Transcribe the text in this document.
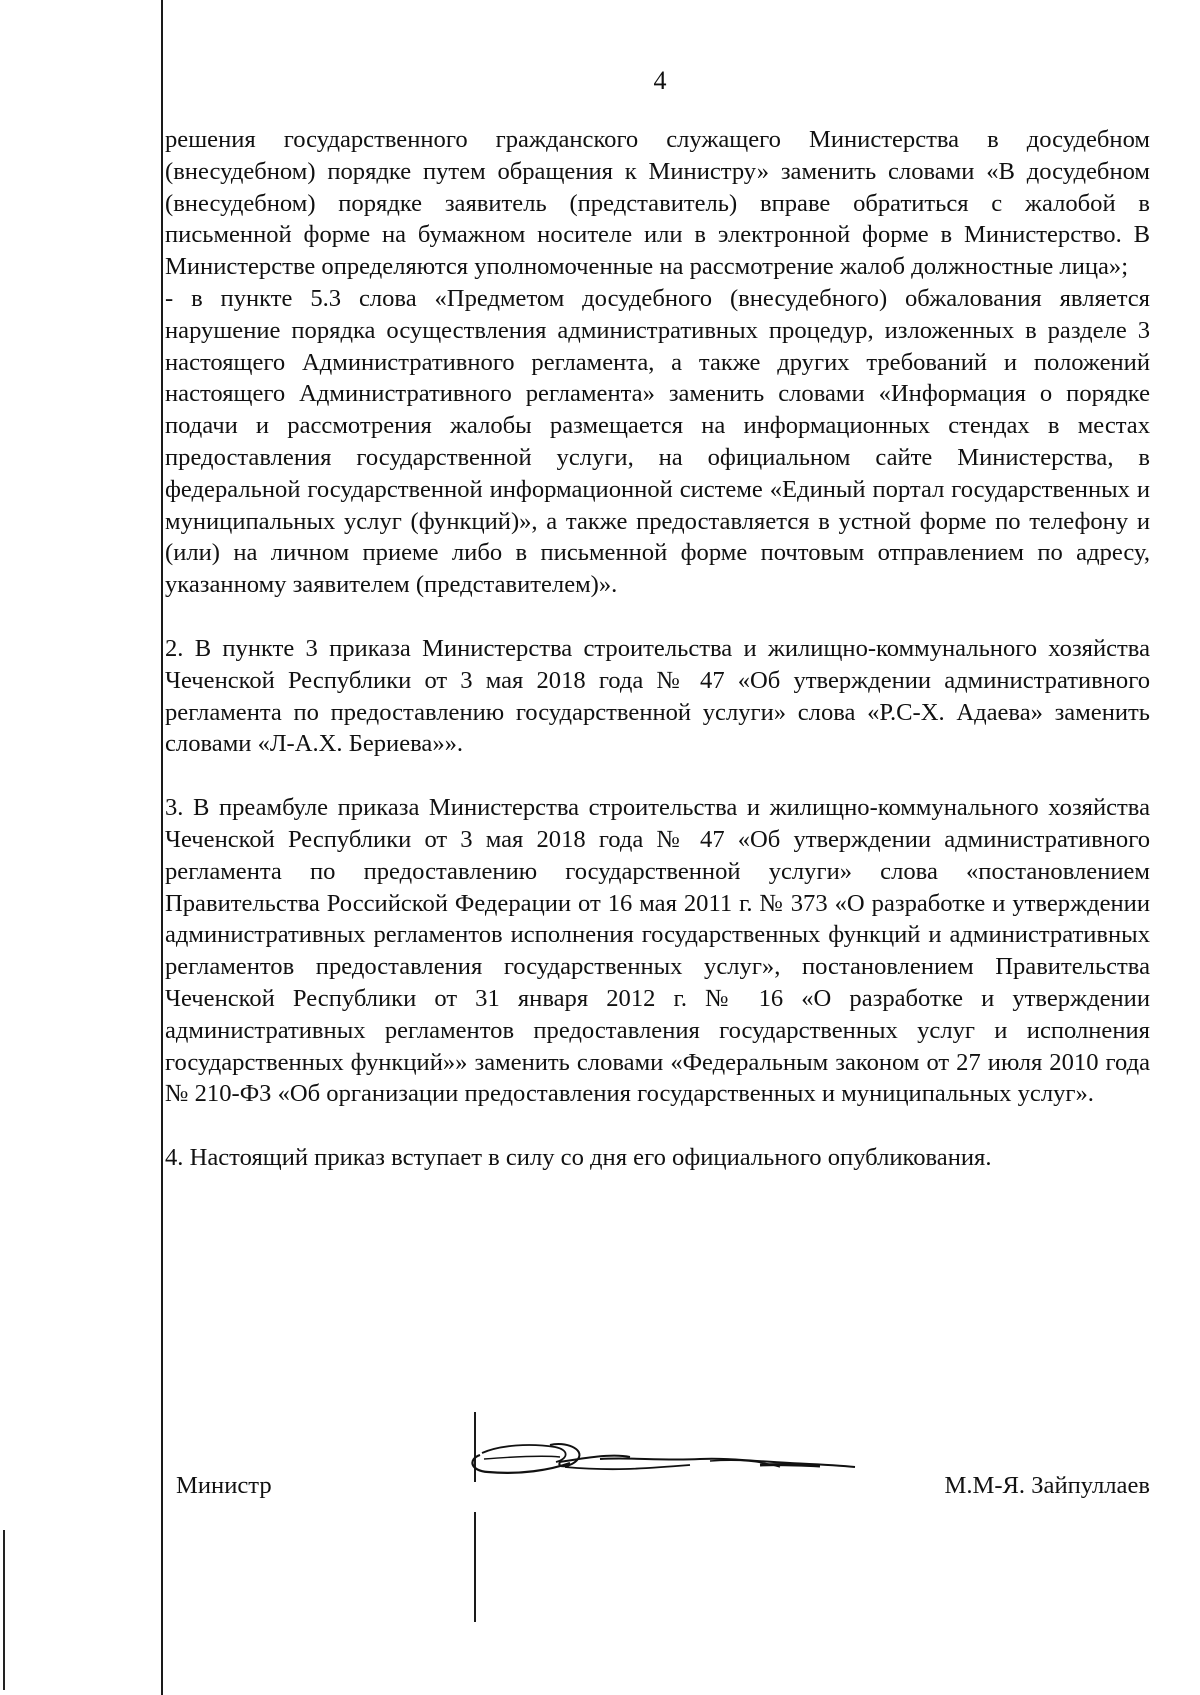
4

решения государственного гражданского служащего Министерства в досудебном (внесудебном) порядке путем обращения к Министру» заменить словами «В досудебном (внесудебном) порядке заявитель (представитель) вправе обратиться с жалобой в письменной форме на бумажном носителе или в электронной форме в Министерство. В Министерстве определяются уполномоченные на рассмотрение жалоб должностные лица»;

- в пункте 5.3 слова «Предметом досудебного (внесудебного) обжалования является нарушение порядка осуществления административных процедур, изложенных в разделе 3 настоящего Административного регламента, а также других требований и положений настоящего Административного регламента» заменить словами «Информация о порядке подачи и рассмотрения жалобы размещается на информационных стендах в местах предоставления государственной услуги, на официальном сайте Министерства, в федеральной государственной информационной системе «Единый портал государственных и муниципальных услуг (функций)», а также предоставляется в устной форме по телефону и (или) на личном приеме либо в письменной форме почтовым отправлением по адресу, указанному заявителем (представителем)».

2. В пункте 3 приказа Министерства строительства и жилищно-коммунального хозяйства Чеченской Республики от 3 мая 2018 года № 47 «Об утверждении административного регламента по предоставлению государственной услуги» слова «Р.С-Х. Адаева» заменить словами «Л-А.Х. Бериева»».

3. В преамбуле приказа Министерства строительства и жилищно-коммунального хозяйства Чеченской Республики от 3 мая 2018 года № 47 «Об утверждении административного регламента по предоставлению государственной услуги» слова «постановлением Правительства Российской Федерации от 16 мая 2011 г. № 373 «О разработке и утверждении административных регламентов исполнения государственных функций и административных регламентов предоставления государственных услуг», постановлением Правительства Чеченской Республики от 31 января 2012 г. № 16 «О разработке и утверждении административных регламентов предоставления государственных услуг и исполнения государственных функций»» заменить словами «Федеральным законом от 27 июля 2010 года № 210-ФЗ «Об организации предоставления государственных и муниципальных услуг».

4. Настоящий приказ вступает в силу со дня его официального опубликования.

Министр	М.М-Я. Зайпуллаев
